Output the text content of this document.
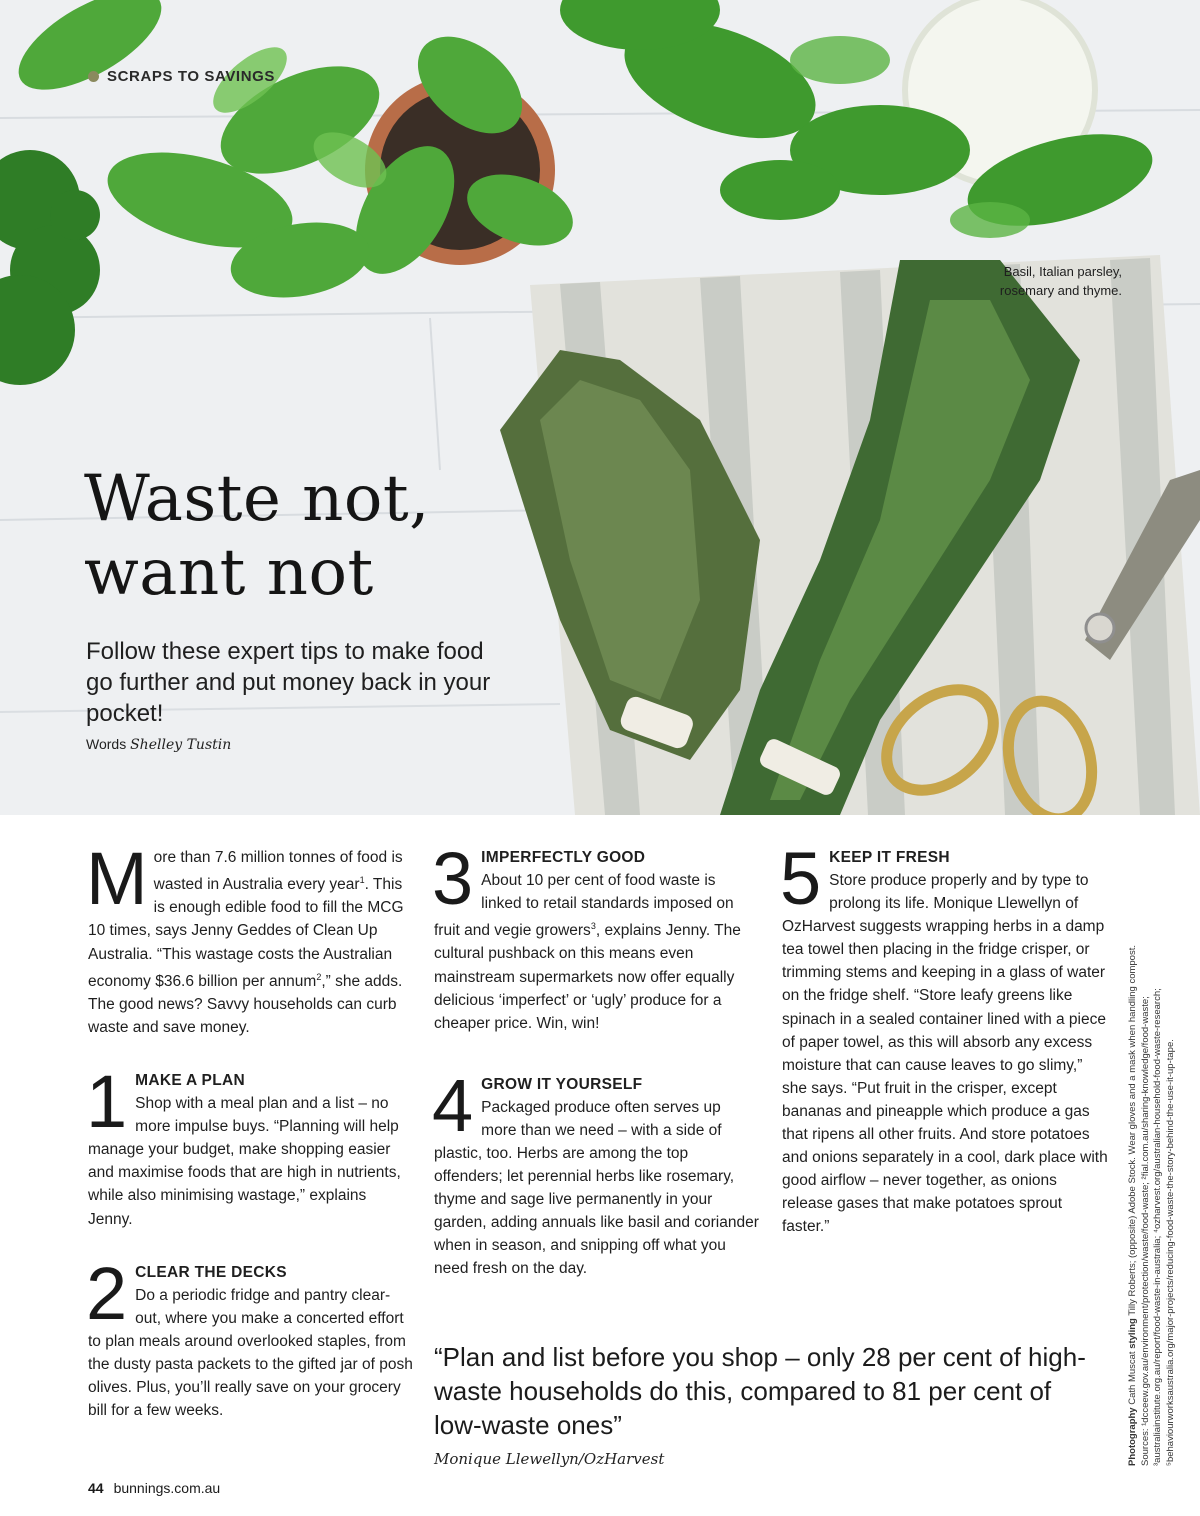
SCRAPS TO SAVINGS
Basil, Italian parsley,
rosemary and thyme.
Waste not,
want not
Follow these expert tips to make food go further and put money back in your pocket!
Words Shelley Tustin

More than 7.6 million tonnes of food is wasted in Australia every year$^1$. This is enough edible food to fill the MCG 10 times, says Jenny Geddes of Clean Up Australia. “This wastage costs the Australian economy $36.6 billion per annum$^2$,” she adds. The good news? Savvy households can curb waste and save money.

1 MAKE A PLAN

Shop with a meal plan and a list – no more impulse buys. “Planning will help manage your budget, make shopping easier and maximise foods that are high in nutrients, while also minimising wastage,” explains Jenny.

2 CLEAR THE DECKS

Do a periodic fridge and pantry clear-out, where you make a concerted effort to plan meals around overlooked staples, from the dusty pasta packets to the gifted jar of posh olives. Plus, you’ll really save on your grocery bill for a few weeks.

3 IMPERFECTLY GOOD

About 10 per cent of food waste is linked to retail standards imposed on fruit and vegie growers$^3$, explains Jenny. The cultural pushback on this means even mainstream supermarkets now offer equally delicious ‘imperfect’ or ‘ugly’ produce for a cheaper price. Win, win!

4 GROW IT YOURSELF

Packaged produce often serves up more than we need – with a side of plastic, too. Herbs are among the top offenders; let perennial herbs like rosemary, thyme and sage live permanently in your garden, adding annuals like basil and coriander when in season, and snipping off what you need fresh on the day.

5 KEEP IT FRESH

Store produce properly and by type to prolong its life. Monique Llewellyn of OzHarvest suggests wrapping herbs in a damp tea towel then placing in the fridge crisper, or trimming stems and keeping in a glass of water on the fridge shelf. “Store leafy greens like spinach in a sealed container lined with a piece of paper towel, as this will absorb any excess moisture that can cause leaves to go slimy,” she says. “Put fruit in the crisper, except bananas and pineapple which produce a gas that ripens all other fruits. And store potatoes and onions separately in a cool, dark place with good airflow – never together, as onions release gases that make potatoes sprout faster.”

“Plan and list before you shop – only 28 per cent of high-waste households do this, compared to 81 per cent of low-waste ones”
Monique Llewellyn/OzHarvest
44 bunnings.com.au
Photography Cath Muscat styling Tilly Roberts; (opposite) Adobe Stock. Wear gloves and a mask when handling compost. Sources: ¹dcceew.gov.au/environment/protection/waste/food-waste; ²fial.com.au/sharing-knowledge/food-waste; ³australiainstitute.org.au/report/food-waste-in-australia; ⁴ozharvest.org/australian-household-food-waste-research; ⁵behaviourworksaustralia.org/major-projects/reducing-food-waste-the-story-behind-the-use-it-up-tape.
